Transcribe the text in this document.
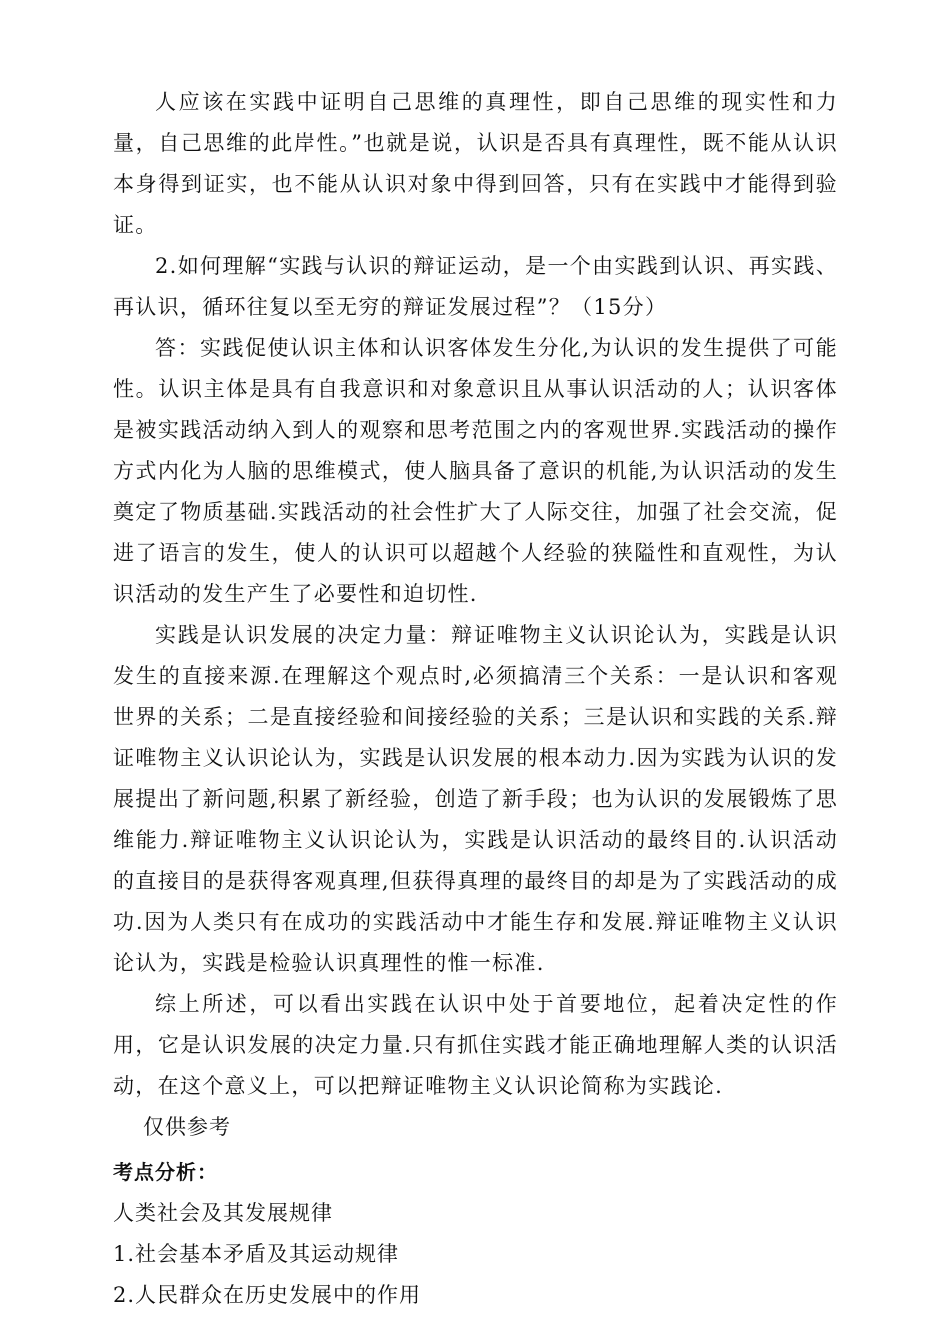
人应该在实践中证明自己思维的真理性，即自己思维的现实性和力量，自己思维的此岸性。”也就是说，认识是否具有真理性，既不能从认识本身得到证实，也不能从认识对象中得到回答，只有在实践中才能得到验证。

2.如何理解“实践与认识的辩证运动，是一个由实践到认识、再实践、再认识，循环往复以至无穷的辩证发展过程”？（15分）

答：实践促使认识主体和认识客体发生分化,为认识的发生提供了可能性。认识主体是具有自我意识和对象意识且从事认识活动的人；认识客体是被实践活动纳入到人的观察和思考范围之内的客观世界.实践活动的操作方式内化为人脑的思维模式，使人脑具备了意识的机能,为认识活动的发生奠定了物质基础.实践活动的社会性扩大了人际交往，加强了社会交流，促进了语言的发生，使人的认识可以超越个人经验的狭隘性和直观性，为认识活动的发生产生了必要性和迫切性.

实践是认识发展的决定力量：辩证唯物主义认识论认为，实践是认识发生的直接来源.在理解这个观点时,必须搞清三个关系：一是认识和客观世界的关系；二是直接经验和间接经验的关系；三是认识和实践的关系.辩证唯物主义认识论认为，实践是认识发展的根本动力.因为实践为认识的发展提出了新问题,积累了新经验，创造了新手段；也为认识的发展锻炼了思维能力.辩证唯物主义认识论认为，实践是认识活动的最终目的.认识活动的直接目的是获得客观真理,但获得真理的最终目的却是为了实践活动的成功.因为人类只有在成功的实践活动中才能生存和发展.辩证唯物主义认识论认为，实践是检验认识真理性的惟一标准.

综上所述，可以看出实践在认识中处于首要地位，起着决定性的作用，它是认识发展的决定力量.只有抓住实践才能正确地理解人类的认识活动，在这个意义上，可以把辩证唯物主义认识论简称为实践论.

仅供参考

考点分析：

人类社会及其发展规律

1.社会基本矛盾及其运动规律

2.人民群众在历史发展中的作用
